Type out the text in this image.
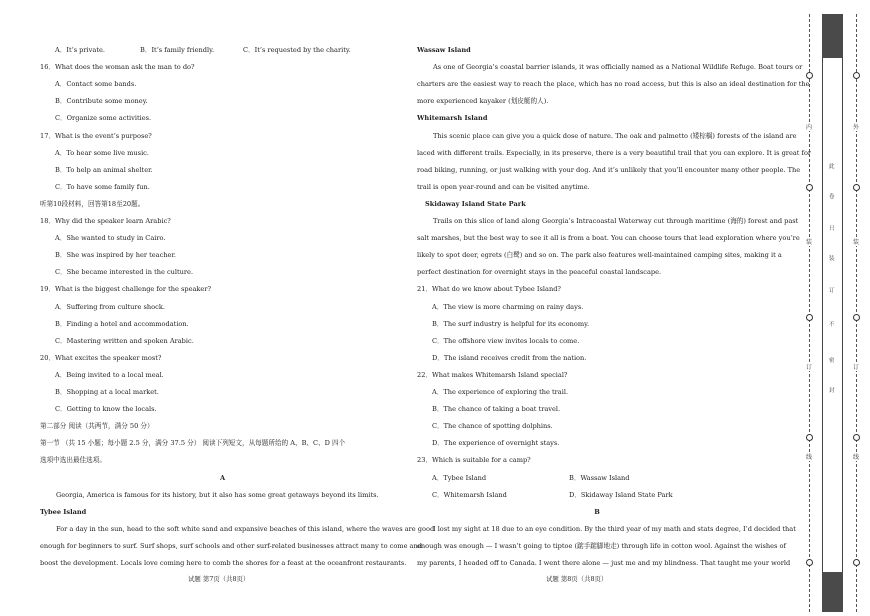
A．It’s private.	B．It’s family friendly.	C．It’s requested by the charity.
16．What does the woman ask the man to do?
A．Contact some bands.
B．Contribute some money.
C．Organize some activities.
17．What is the event’s purpose?
A．To hear some live music.
B．To help an animal shelter.
C．To have some family fun.
听第10段材料，回答第18至20题。
18．Why did the speaker learn Arabic?
A．She wanted to study in Cairo.
B．She was inspired by her teacher.
C．She became interested in the culture.
19．What is the biggest challenge for the speaker?
A．Suffering from culture shock.
B．Finding a hotel and accommodation.
C．Mastering written and spoken Arabic.
20．What excites the speaker most?
A．Being invited to a local meal.
B．Shopping at a local market.
C．Getting to know the locals.
第二部分 阅读（共两节，满分 50 分）
第一节 （共 15 小题；每小题 2.5 分，满分 37.5 分） 阅读下列短文，从每题所给的 A、B、C、D 四个
选项中选出最佳选项。
A
Georgia, America is famous for its history, but it also has some great getaways beyond its limits.
Tybee Island
For a day in the sun, head to the soft white sand and expansive beaches of this island, where the waves are good
enough for beginners to surf. Surf shops, surf schools and other surf-related businesses attract many to come and
boost the development. Locals love coming here to comb the shores for a feast at the oceanfront restaurants.
Wassaw Island
As one of Georgia’s coastal barrier islands, it was officially named as a National Wildlife Refuge. Boat tours or
charters are the easiest way to reach the place, which has no road access, but this is also an ideal destination for the
more experienced kayaker (划皮艇的人).
Whitemarsh Island
This scenic place can give you a quick dose of nature. The oak and palmetto (矮棕榈) forests of the island are
laced with different trails. Especially, in its preserve, there is a very beautiful trail that you can explore. It is great for
road biking, running, or just walking with your dog. And it’s unlikely that you’ll encounter many other people. The
trail is open year-round and can be visited anytime.
Skidaway Island State Park
Trails on this slice of land along Georgia’s Intracoastal Waterway cut through maritime (海的) forest and past
salt marshes, but the best way to see it all is from a boat. You can choose tours that lead exploration where you’re
likely to spot deer, egrets (白鹭) and so on. The park also features well-maintained camping sites, making it a
perfect destination for overnight stays in the peaceful coastal landscape.
21．What do we know about Tybee Island?
A．The view is more charming on rainy days.
B．The surf industry is helpful for its economy.
C．The offshore view invites locals to come.
D．The island receives credit from the nation.
22．What makes Whitemarsh Island special?
A．The experience of exploring the trail.
B．The chance of taking a boat travel.
C．The chance of spotting dolphins.
D．The experience of overnight stays.
23．Which is suitable for a camp?
A．Tybee Island	B．Wassaw Island
C．Whitemarsh Island	D．Skidaway Island State Park
B
I lost my sight at 18 due to an eye condition. By the third year of my math and stats degree, I’d decided that
enough was enough — I wasn’t going to tiptoe (踮手踮脚地走) through life in cotton wool. Against the wishes of
my parents, I headed off to Canada. I went there alone — just me and my blindness. That taught me your world
试题 第7页（共8页）	试题 第8页（共8页）
内
装
订
线
此
卷
只
装
订
不
密
封
外
装
订
线
